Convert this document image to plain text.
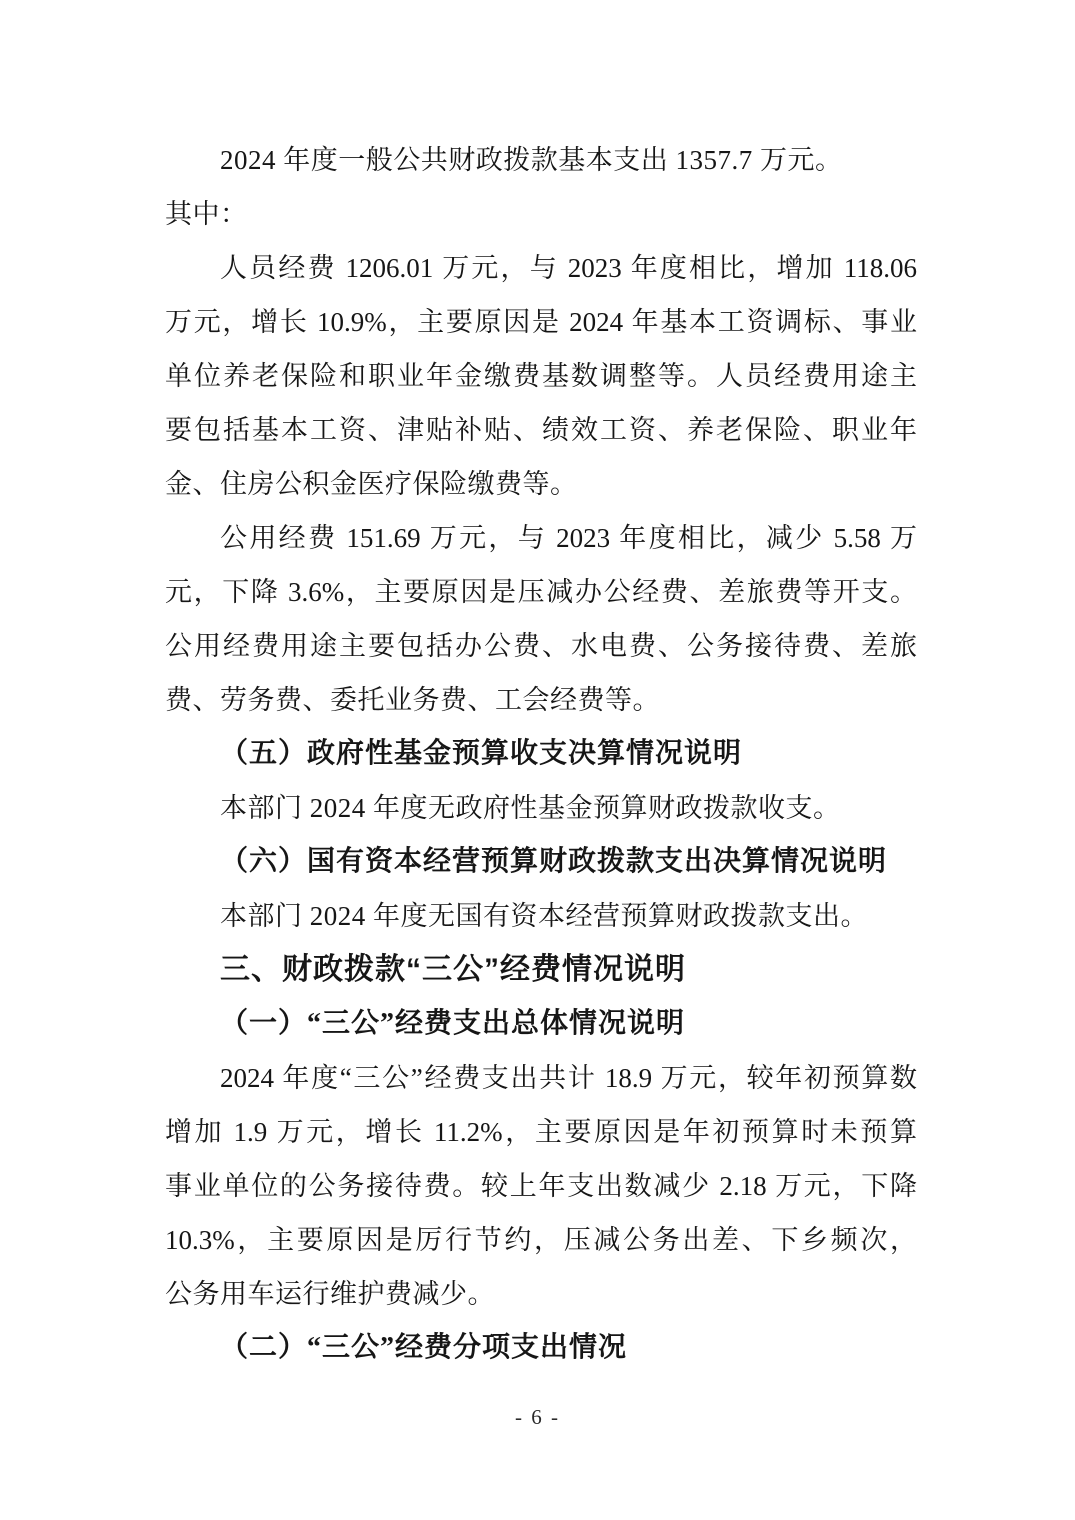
2024 年度一般公共财政拨款基本支出 1357.7 万元。
其中：
人员经费 1206.01 万元，与 2023 年度相比，增加 118.06
万元，增长 10.9%，主要原因是 2024 年基本工资调标、事业
单位养老保险和职业年金缴费基数调整等。人员经费用途主
要包括基本工资、津贴补贴、绩效工资、养老保险、职业年
金、住房公积金医疗保险缴费等。
公用经费 151.69 万元，与 2023 年度相比，减少 5.58 万
元，下降 3.6%，主要原因是压减办公经费、差旅费等开支。
公用经费用途主要包括办公费、水电费、公务接待费、差旅
费、劳务费、委托业务费、工会经费等。
（五）政府性基金预算收支决算情况说明
本部门 2024 年度无政府性基金预算财政拨款收支。
（六）国有资本经营预算财政拨款支出决算情况说明
本部门 2024 年度无国有资本经营预算财政拨款支出。
三、财政拨款“三公”经费情况说明
（一）“三公”经费支出总体情况说明
2024 年度“三公”经费支出共计 18.9 万元，较年初预算数
增加 1.9 万元，增长 11.2%，主要原因是年初预算时未预算
事业单位的公务接待费。较上年支出数减少 2.18 万元，下降
10.3%，主要原因是厉行节约，压减公务出差、下乡频次，
公务用车运行维护费减少。
（二）“三公”经费分项支出情况
- 6 -
